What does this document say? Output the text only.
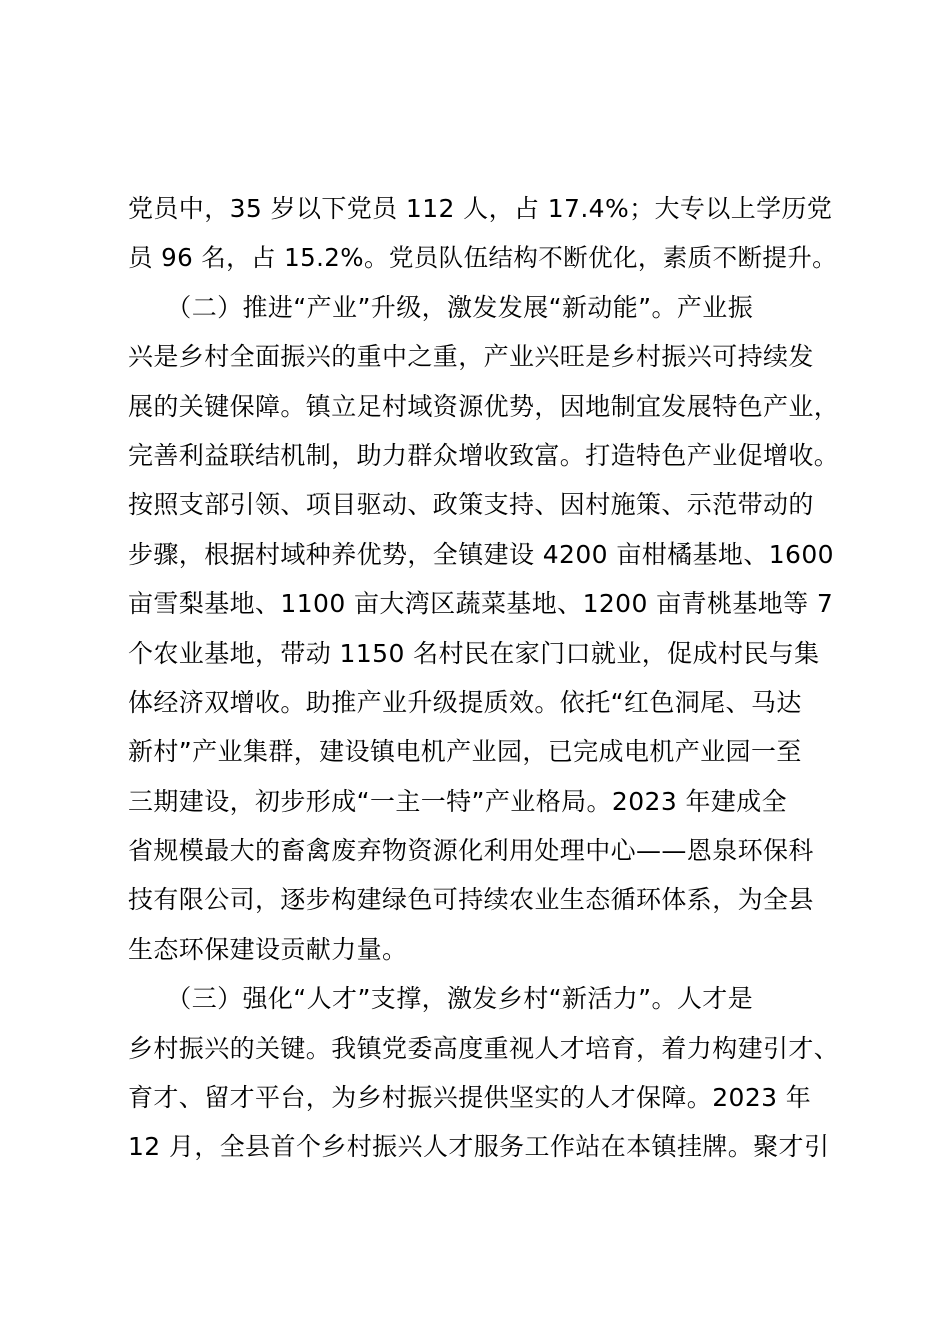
党员中，35 岁以下党员 112 人，占 17.4%；大专以上学历党

员 96 名，占 15.2%。党员队伍结构不断优化，素质不断提升。

　　（二）推进“产业”升级，激发发展“新动能”。产业振

兴是乡村全面振兴的重中之重，产业兴旺是乡村振兴可持续发

展的关键保障。镇立足村域资源优势，因地制宜发展特色产业，

完善利益联结机制，助力群众增收致富。打造特色产业促增收。

按照支部引领、项目驱动、政策支持、因村施策、示范带动的

步骤，根据村域种养优势，全镇建设 4200 亩柑橘基地、1600

亩雪梨基地、1100 亩大湾区蔬菜基地、1200 亩青桃基地等 7

个农业基地，带动 1150 名村民在家门口就业，促成村民与集

体经济双增收。助推产业升级提质效。依托“红色洞尾、马达

新村”产业集群，建设镇电机产业园，已完成电机产业园一至

三期建设，初步形成“一主一特”产业格局。2023 年建成全

省规模最大的畜禽废弃物资源化利用处理中心——恩泉环保科

技有限公司，逐步构建绿色可持续农业生态循环体系，为全县

生态环保建设贡献力量。

　　（三）强化“人才”支撑，激发乡村“新活力”。人才是

乡村振兴的关键。我镇党委高度重视人才培育，着力构建引才、

育才、留才平台，为乡村振兴提供坚实的人才保障。2023 年

12 月，全县首个乡村振兴人才服务工作站在本镇挂牌。聚才引
